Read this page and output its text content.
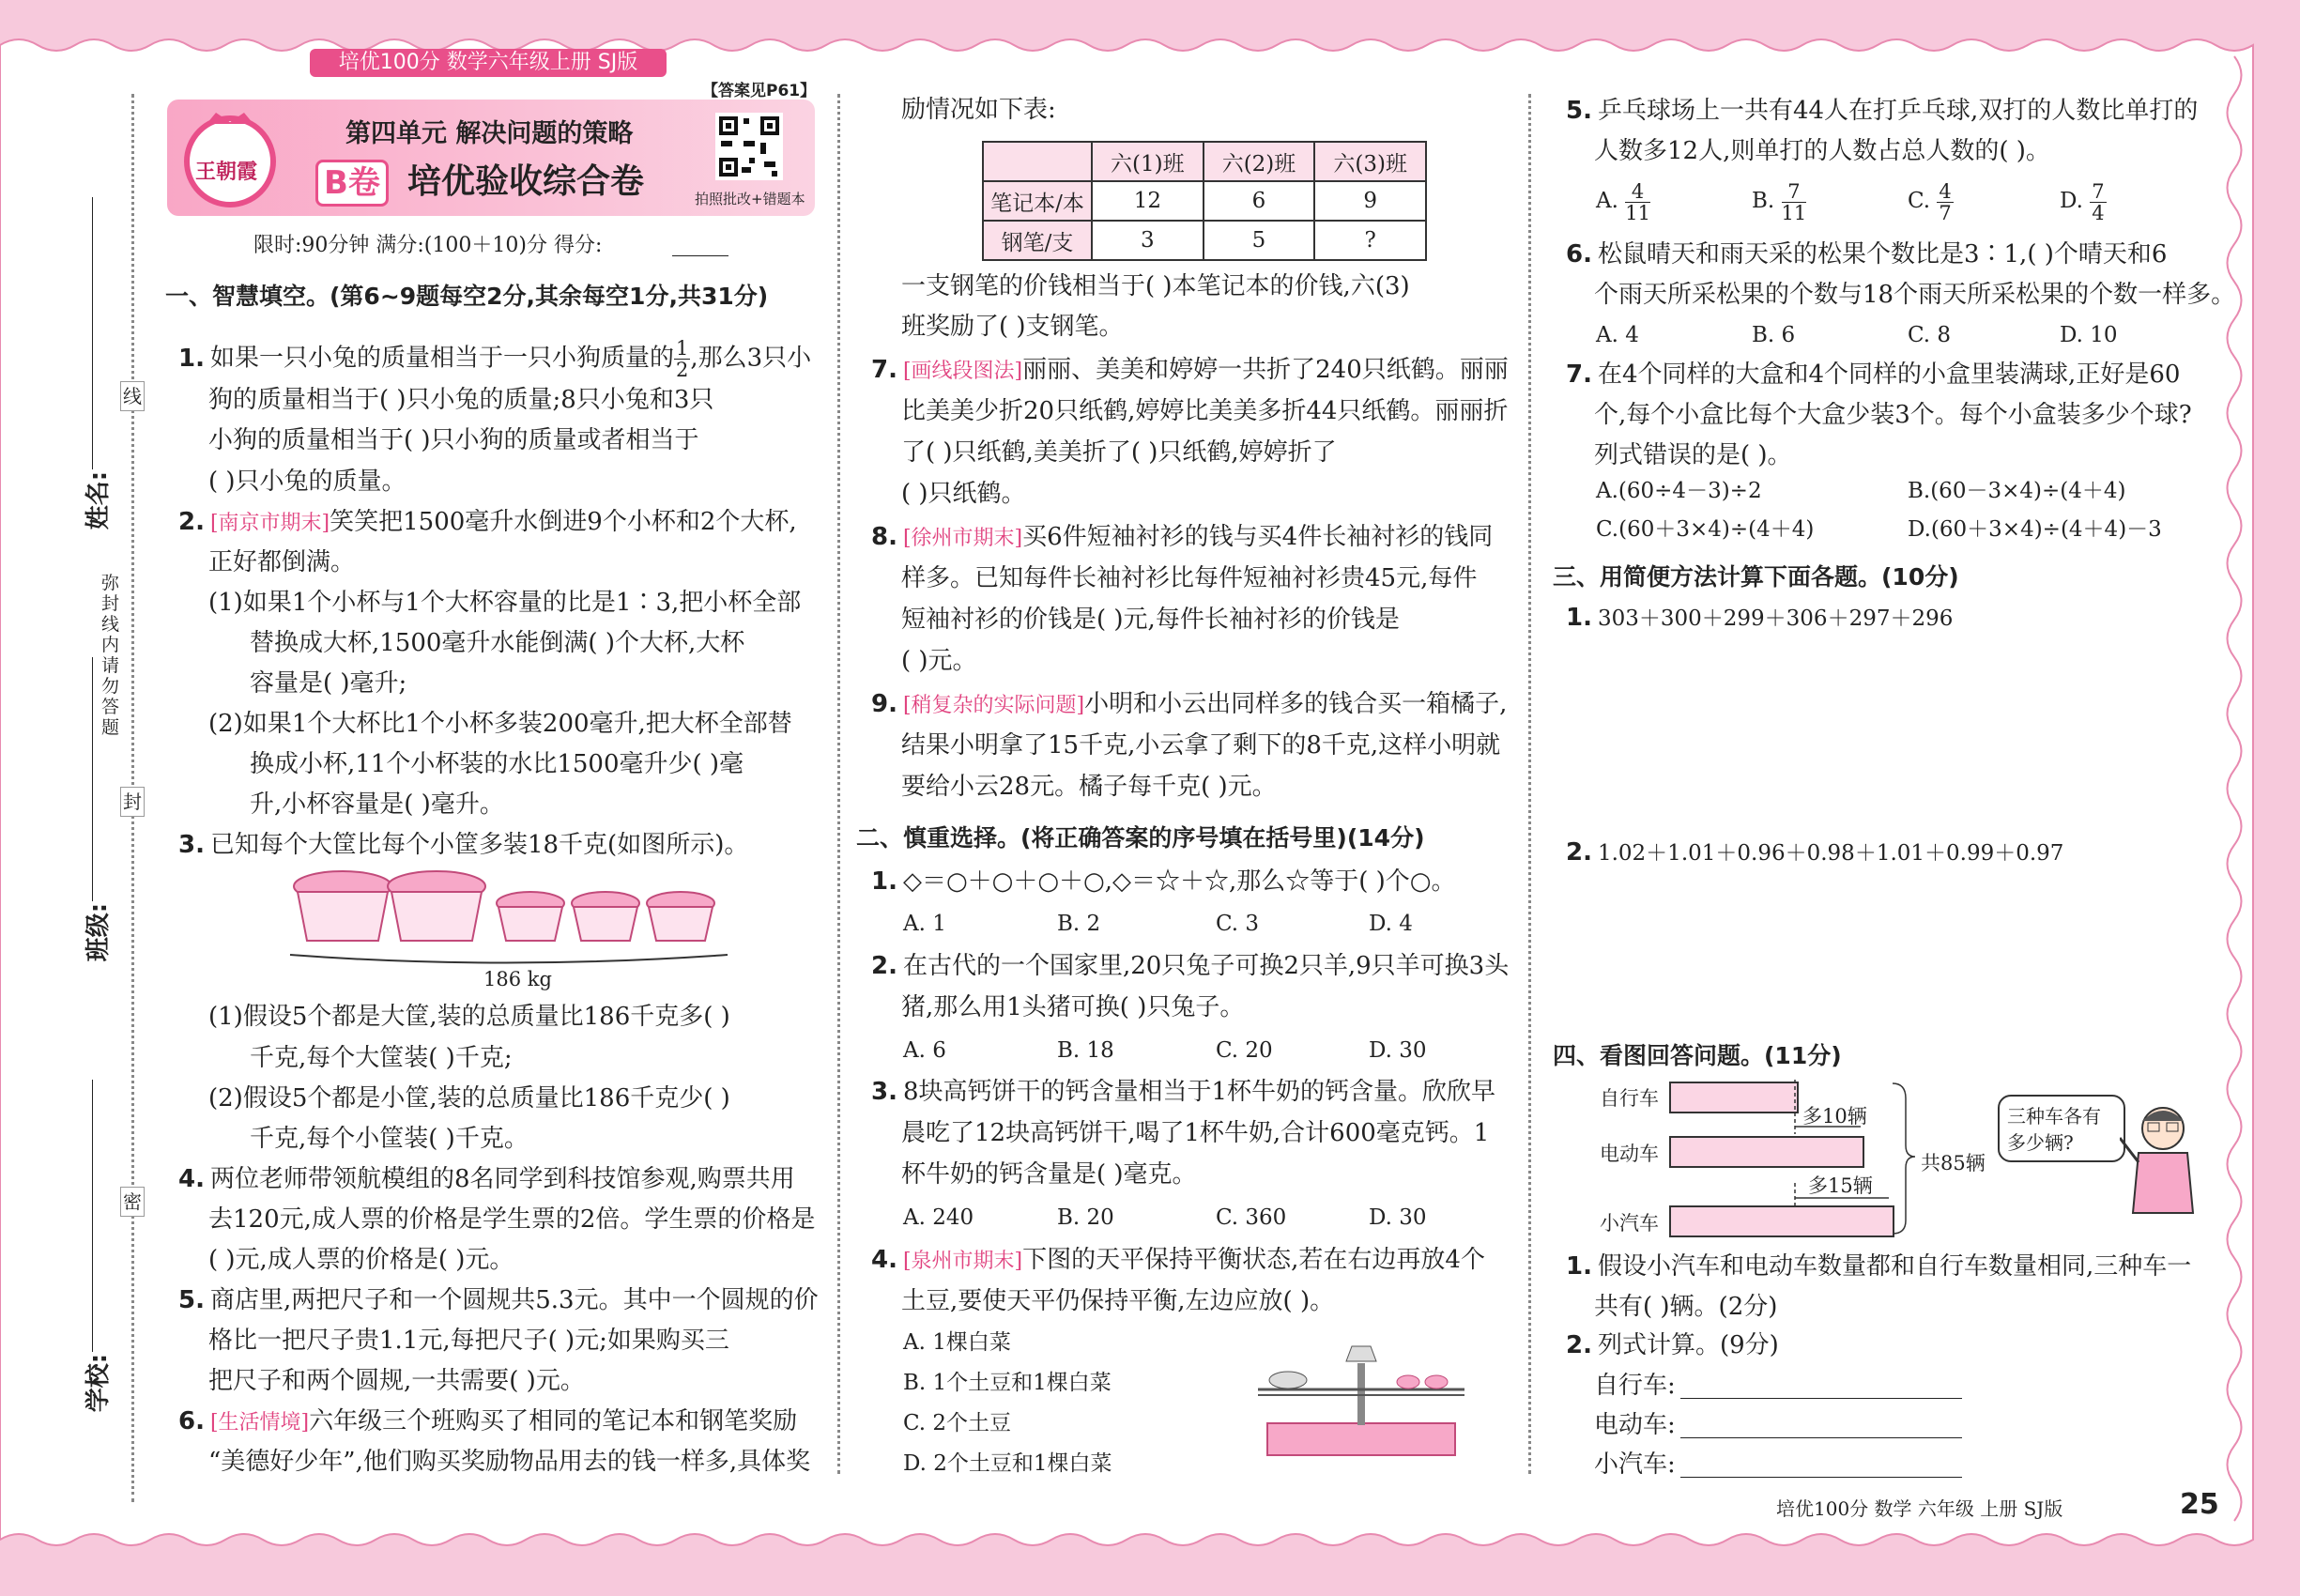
培优100分 数学六年级上册 SJ版
王朝霞
第四单元 解决问题的策略
B卷 培优验收综合卷	拍照批改+错题本
【答案见P61】
限时:90分钟 满分:(100＋10)分 得分:
线
封
密
弥封线内请勿答题
姓名:
班级:
学校:
一、智慧填空。(第6~9题每空2分,其余每空1分,共31分)
1. 如果一只小兔的质量相当于一只小狗质量的 $\frac{1}{2}$ ,那么3只小
狗的质量相当于( )只小兔的质量;8只小兔和3只
小狗的质量相当于( )只小狗的质量或者相当于
( )只小兔的质量。
2. [南京市期末]笑笑把1500毫升水倒进9个小杯和2个大杯,
正好都倒满。
(1)如果1个小杯与1个大杯容量的比是1∶3,把小杯全部
替换成大杯,1500毫升水能倒满( )个大杯,大杯
容量是( )毫升;
(2)如果1个大杯比1个小杯多装200毫升,把大杯全部替
换成小杯,11个小杯装的水比1500毫升少( )毫
升,小杯容量是( )毫升。
3. 已知每个大筐比每个小筐多装18千克(如图所示)。
186 kg
(1)假设5个都是大筐,装的总质量比186千克多( )
千克,每个大筐装( )千克;
(2)假设5个都是小筐,装的总质量比186千克少( )
千克,每个小筐装( )千克。
4. 两位老师带领航模组的8名同学到科技馆参观,购票共用
去120元,成人票的价格是学生票的2倍。学生票的价格是
( )元,成人票的价格是( )元。
5. 商店里,两把尺子和一个圆规共5.3元。其中一个圆规的价
格比一把尺子贵1.1元,每把尺子( )元;如果购买三
把尺子和两个圆规,一共需要( )元。
6. [生活情境]六年级三个班购买了相同的笔记本和钢笔奖励
“美德好少年”,他们购买奖励物品用去的钱一样多,具体奖
励情况如下表:
	六(1)班	六(2)班	六(3)班
笔记本/本	12	6	9
钢笔/支	3	5	?
一支钢笔的价钱相当于( )本笔记本的价钱,六(3)
班奖励了( )支钢笔。
7. [画线段图法]丽丽、美美和婷婷一共折了240只纸鹤。丽丽
比美美少折20只纸鹤,婷婷比美美多折44只纸鹤。丽丽折
了( )只纸鹤,美美折了( )只纸鹤,婷婷折了
( )只纸鹤。
8. [徐州市期末]买6件短袖衬衫的钱与买4件长袖衬衫的钱同
样多。已知每件长袖衬衫比每件短袖衬衫贵45元,每件
短袖衬衫的价钱是( )元,每件长袖衬衫的价钱是
( )元。
9. [稍复杂的实际问题]小明和小云出同样多的钱合买一箱橘子,
结果小明拿了15千克,小云拿了剩下的8千克,这样小明就
要给小云28元。橘子每千克( )元。
二、慎重选择。(将正确答案的序号填在括号里)(14分)
1. ◇＝○＋○＋○＋○,◇＝☆＋☆,那么☆等于( )个○。
A. 1	B. 2	C. 3	D. 4
2. 在古代的一个国家里,20只兔子可换2只羊,9只羊可换3头
猪,那么用1头猪可换( )只兔子。
A. 6	B. 18	C. 20	D. 30
3. 8块高钙饼干的钙含量相当于1杯牛奶的钙含量。欣欣早
晨吃了12块高钙饼干,喝了1杯牛奶,合计600毫克钙。1
杯牛奶的钙含量是( )毫克。
A. 240	B. 20	C. 360	D. 30
4. [泉州市期末]下图的天平保持平衡状态,若在右边再放4个
土豆,要使天平仍保持平衡,左边应放( )。
A. 1棵白菜
B. 1个土豆和1棵白菜
C. 2个土豆
D. 2个土豆和1棵白菜
5. 乒乓球场上一共有44人在打乒乓球,双打的人数比单打的
人数多12人,则单打的人数占总人数的( )。
A. $\frac{4}{11}$	B. $\frac{7}{11}$	C. $\frac{4}{7}$	D. $\frac{7}{4}$
6. 松鼠晴天和雨天采的松果个数比是3∶1,( )个晴天和6
个雨天所采松果的个数与18个雨天所采松果的个数一样多。
A. 4	B. 6	C. 8	D. 10
7. 在4个同样的大盒和4个同样的小盒里装满球,正好是60
个,每个小盒比每个大盒少装3个。每个小盒装多少个球?
列式错误的是( )。
A.(60÷4－3)÷2	B.(60－3×4)÷(4＋4)
C.(60＋3×4)÷(4＋4)	D.(60＋3×4)÷(4＋4)－3
三、用简便方法计算下面各题。(10分)
1. 303＋300＋299＋306＋297＋296
2. 1.02＋1.01＋0.96＋0.98＋1.01＋0.99＋0.97
四、看图回答问题。(11分)
自行车
电动车
小汽车
多10辆
多15辆
共85辆
三种车各有
多少辆?
1. 假设小汽车和电动车数量都和自行车数量相同,三种车一
共有( )辆。(2分)
2. 列式计算。(9分)
自行车:
电动车:
小汽车:
培优100分 数学 六年级 上册 SJ版	25
